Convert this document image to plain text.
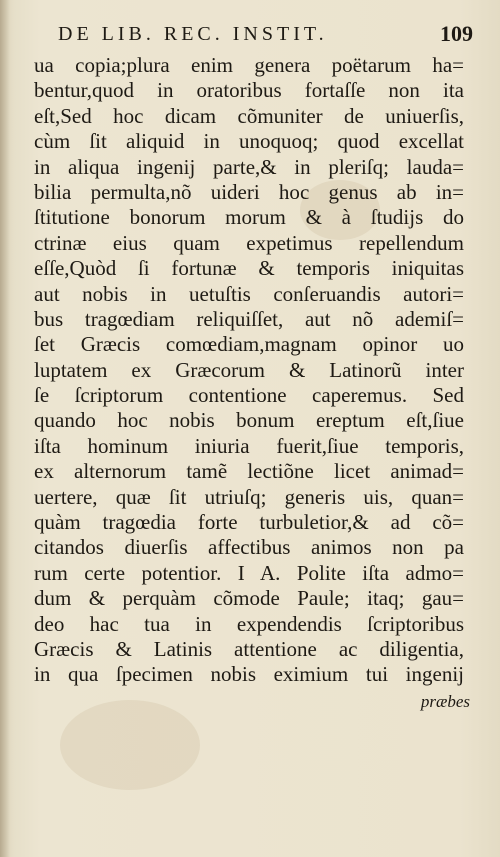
DE LIB. REC. INSTIT.	109
ua copia;plura enim genera poëtarum ha=
bentur,quod in oratoribus fortaſſe non ita
eſt,Sed hoc dicam cõmuniter de uniuerſis,
cùm ſit aliquid in unoquoq; quod excellat
in aliqua ingenij parte,& in pleriſq; lauda=
bilia permulta,nõ uideri hoc genus ab in=
ſtitutione bonorum morum & à ſtudijs do
ctrinæ eius quam expetimus repellendum
eſſe,Quòd ſi fortunæ & temporis iniquitas
aut nobis in uetuſtis conſeruandis autori=
bus tragœdiam reliquiſſet, aut nõ ademiſ=
ſet Græcis comœdiam,magnam opinor uo
luptatem ex Græcorum & Latinorũ inter
ſe ſcriptorum contentione caperemus. Sed
quando hoc nobis bonum ereptum eſt,ſiue
iſta hominum iniuria fuerit,ſiue temporis,
ex alternorum tamẽ lectiõne licet animad=
uertere, quæ ſit utriuſq; generis uis, quan=
quàm tragœdia forte turbuletior,& ad cõ=
citandos diuerſis affectibus animos non pa
rum certe potentior. I A. Polite iſta admo=
dum & perquàm cõmode Paule; itaq; gau=
deo hac tua in expendendis ſcriptoribus
Græcis & Latinis attentione ac diligentia,
in qua ſpecimen nobis eximium tui ingenij
præbes
